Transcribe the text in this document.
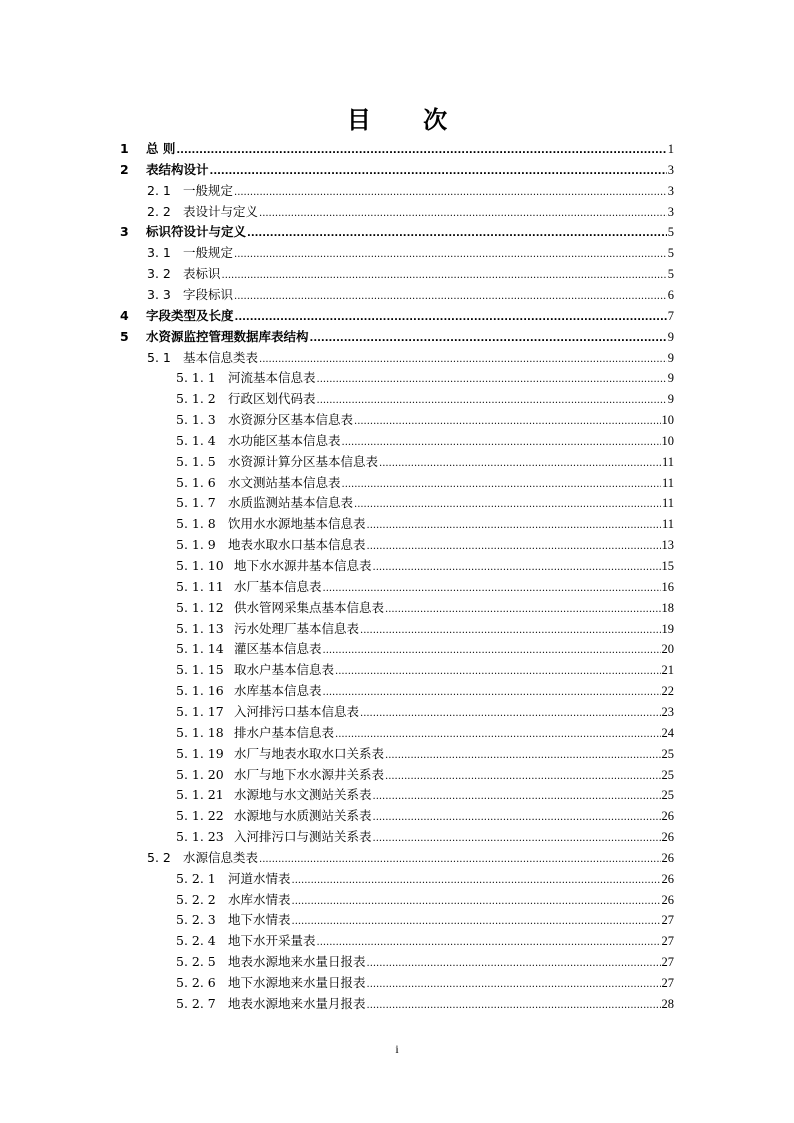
目 次
1	总 则 .....	1
2	表结构设计 .....	3
2. 1 一般规定 .....	3
2. 2 表设计与定义 .....	3
3	标识符设计与定义 .....	5
3. 1 一般规定 .....	5
3. 2 表标识 .....	5
3. 3 字段标识 .....	6
4	字段类型及长度 .....	7
5	水资源监控管理数据库表结构 .....	9
5. 1 基本信息类表 .....	9
5. 1. 1 河流基本信息表 .....	9
5. 1. 2 行政区划代码表 .....	9
5. 1. 3 水资源分区基本信息表 .....	10
5. 1. 4 水功能区基本信息表 .....	10
5. 1. 5 水资源计算分区基本信息表 .....	11
5. 1. 6 水文测站基本信息表 .....	11
5. 1. 7 水质监测站基本信息表 .....	11
5. 1. 8 饮用水水源地基本信息表 .....	11
5. 1. 9 地表水取水口基本信息表 .....	13
5. 1. 10 地下水水源井基本信息表 .....	15
5. 1. 11 水厂基本信息表 .....	16
5. 1. 12 供水管网采集点基本信息表 .....	18
5. 1. 13 污水处理厂基本信息表 .....	19
5. 1. 14 灌区基本信息表 .....	20
5. 1. 15 取水户基本信息表 .....	21
5. 1. 16 水库基本信息表 .....	22
5. 1. 17 入河排污口基本信息表 .....	23
5. 1. 18 排水户基本信息表 .....	24
5. 1. 19 水厂与地表水取水口关系表 .....	25
5. 1. 20 水厂与地下水水源井关系表 .....	25
5. 1. 21 水源地与水文测站关系表 .....	25
5. 1. 22 水源地与水质测站关系表 .....	26
5. 1. 23 入河排污口与测站关系表 .....	26
5. 2 水源信息类表 .....	26
5. 2. 1 河道水情表 .....	26
5. 2. 2 水库水情表 .....	26
5. 2. 3 地下水情表 .....	27
5. 2. 4 地下水开采量表 .....	27
5. 2. 5 地表水源地来水量日报表 .....	27
5. 2. 6 地下水源地来水量日报表 .....	27
5. 2. 7 地表水源地来水量月报表 .....	28
i
